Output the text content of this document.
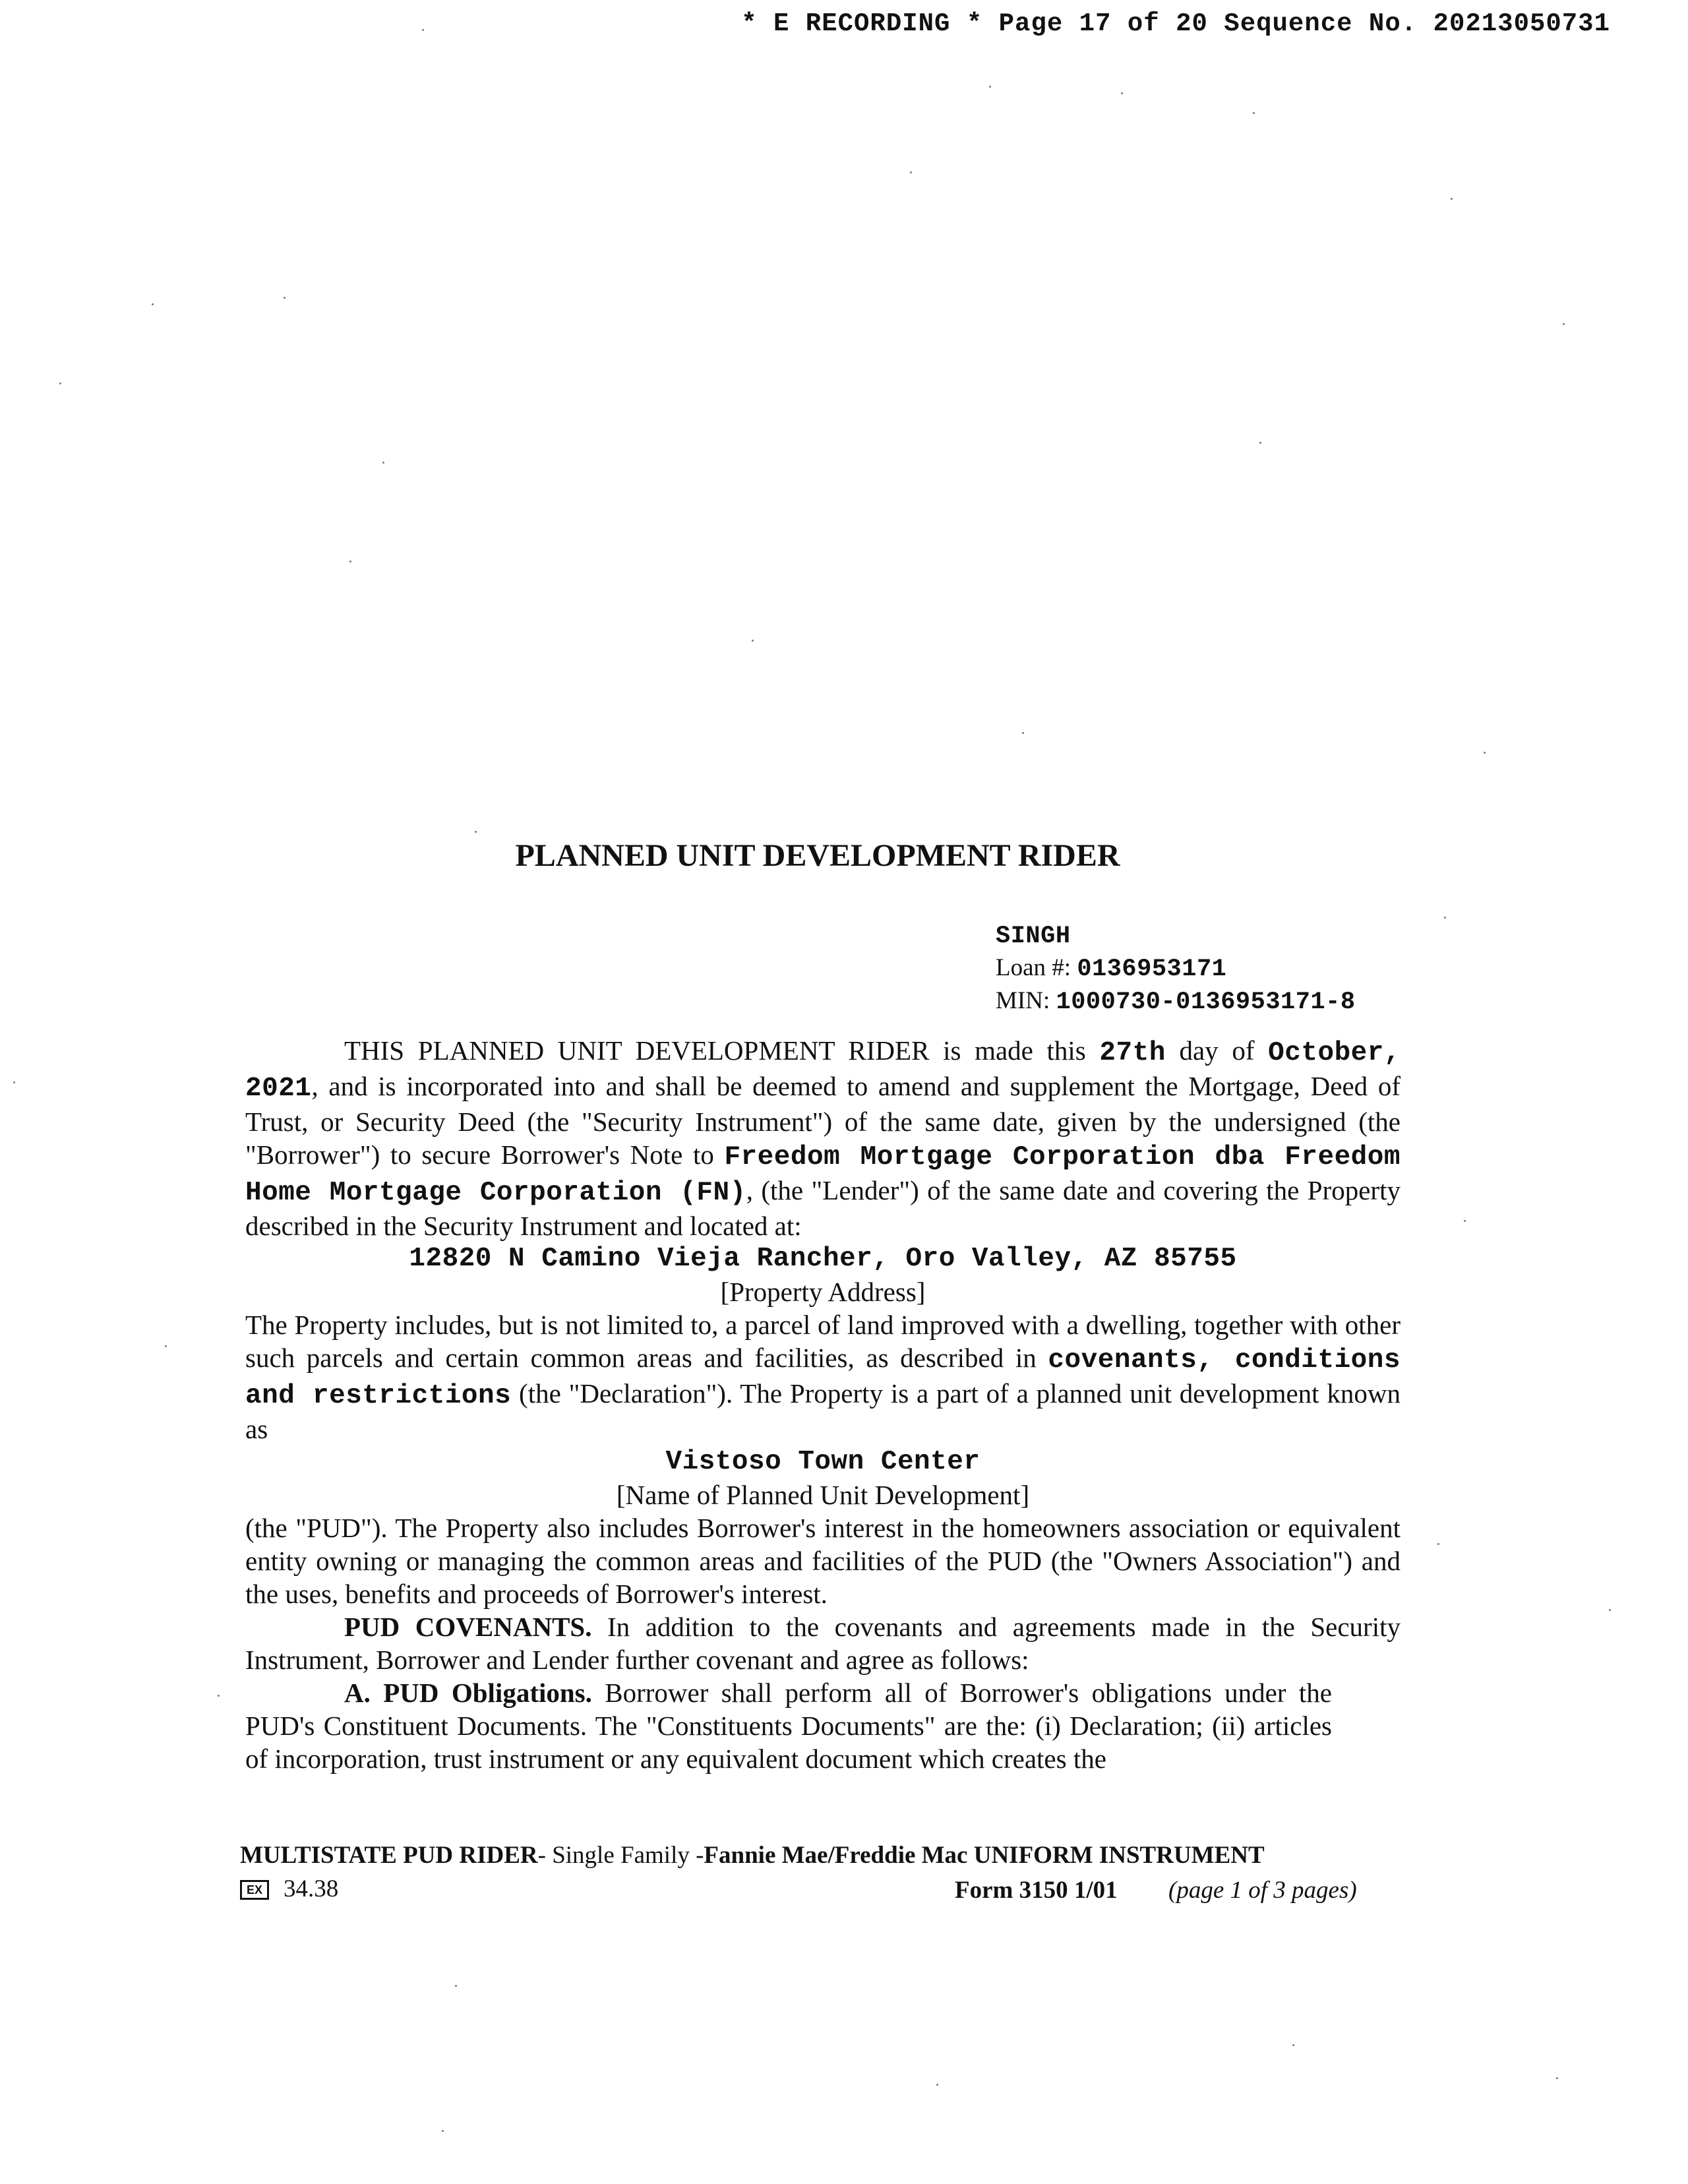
* E RECORDING * Page 17 of 20 Sequence No. 20213050731
PLANNED UNIT DEVELOPMENT RIDER
SINGH
Loan #: 0136953171
MIN: 1000730-0136953171-8

THIS PLANNED UNIT DEVELOPMENT RIDER is made this 27th day of October, 2021, and is incorporated into and shall be deemed to amend and supplement the Mortgage, Deed of Trust, or Security Deed (the "Security Instrument") of the same date, given by the undersigned (the "Borrower") to secure Borrower's Note to Freedom Mortgage Corporation dba Freedom Home Mortgage Corporation (FN), (the "Lender") of the same date and covering the Property described in the Security Instrument and located at:

12820 N Camino Vieja Rancher, Oro Valley, AZ 85755

[Property Address]

The Property includes, but is not limited to, a parcel of land improved with a dwelling, together with other such parcels and certain common areas and facilities, as described in covenants, conditions and restrictions (the "Declaration"). The Property is a part of a planned unit development known as

Vistoso Town Center

[Name of Planned Unit Development]

(the "PUD"). The Property also includes Borrower's interest in the homeowners association or equivalent entity owning or managing the common areas and facilities of the PUD (the "Owners Association") and the uses, benefits and proceeds of Borrower's interest.

PUD COVENANTS. In addition to the covenants and agreements made in the Security Instrument, Borrower and Lender further covenant and agree as follows:

A. PUD Obligations. Borrower shall perform all of Borrower's obligations under the PUD's Constituent Documents. The "Constituents Documents" are the: (i) Declaration; (ii) articles of incorporation, trust instrument or any equivalent document which creates the

MULTISTATE PUD RIDER- Single Family -Fannie Mae/Freddie Mac UNIFORM INSTRUMENT
EX 34.38	Form 3150 1/01 (page 1 of 3 pages)
